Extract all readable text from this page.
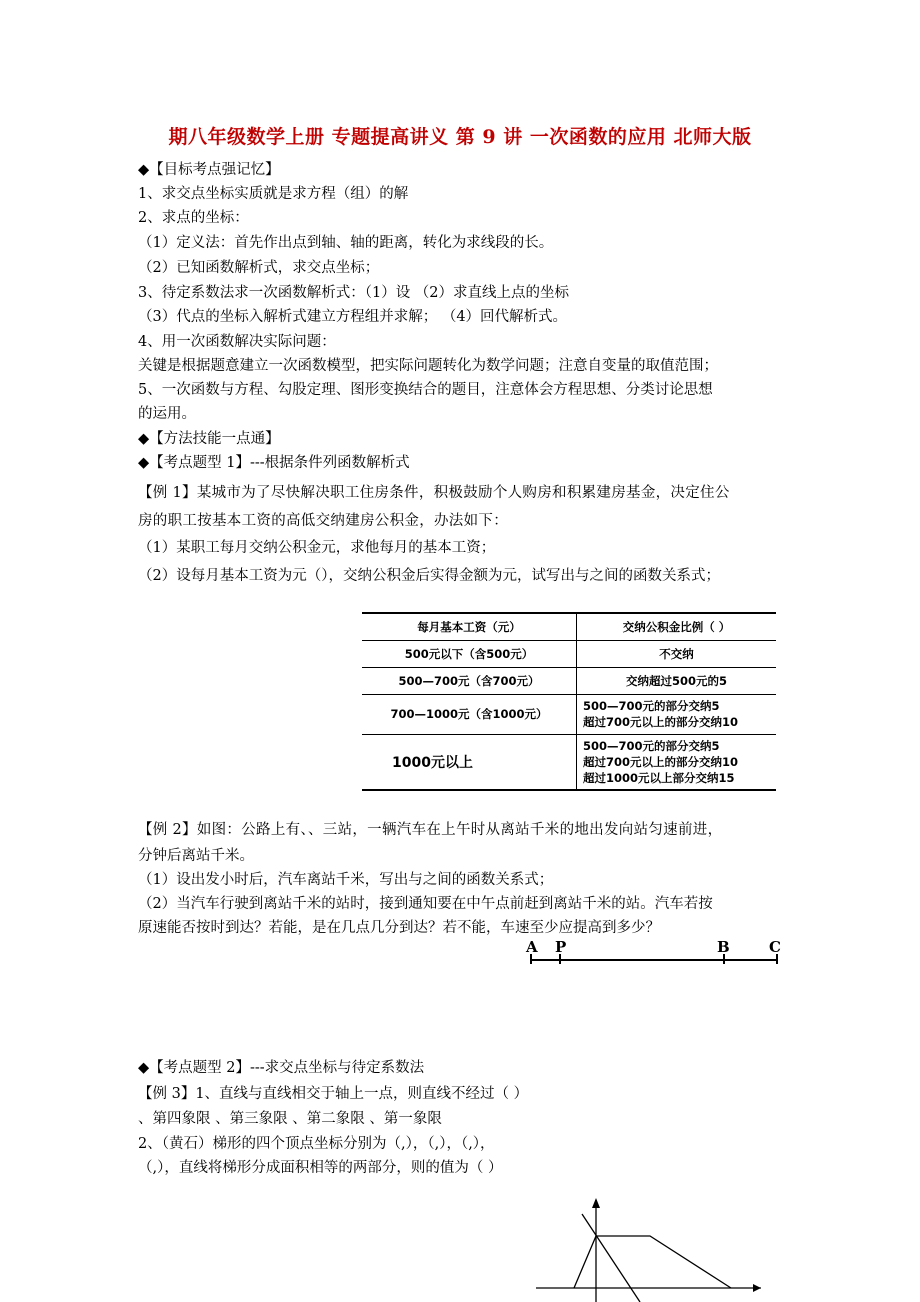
期八年级数学上册 专题提高讲义 第 9 讲 一次函数的应用 北师大版
◆【目标考点强记忆】
1、求交点坐标实质就是求方程（组）的解
2、求点的坐标：
（1）定义法：首先作出点到轴、轴的距离，转化为求线段的长。
（2）已知函数解析式，求交点坐标；
3、待定系数法求一次函数解析式：（1）设 （2）求直线上点的坐标
（3）代点的坐标入解析式建立方程组并求解； （4）回代解析式。
4、用一次函数解决实际问题：
关键是根据题意建立一次函数模型，把实际问题转化为数学问题；注意自变量的取值范围；
5、一次函数与方程、勾股定理、图形变换结合的题目，注意体会方程思想、分类讨论思想
的运用。
◆【方法技能一点通】
◆【考点题型 1】---根据条件列函数解析式
【例 1】某城市为了尽快解决职工住房条件，积极鼓励个人购房和积累建房基金，决定住公
房的职工按基本工资的高低交纳建房公积金，办法如下：
（1）某职工每月交纳公积金元，求他每月的基本工资；
（2）设每月基本工资为元（），交纳公积金后实得金额为元，试写出与之间的函数关系式；
每月基本工资（元）	交纳公积金比例（ ）
500元以下（含500元）	不交纳
500—700元（含700元）	交纳超过500元的5
700—1000元（含1000元）	500—700元的部分交纳5
超过700元以上的部分交纳10

1000元以上	500—700元的部分交纳5
超过700元以上的部分交纳10
超过1000元以上部分交纳15
【例 2】如图：公路上有、、三站，一辆汽车在上午时从离站千米的地出发向站匀速前进，
分钟后离站千米。
（1）设出发小时后，汽车离站千米，写出与之间的函数关系式；
（2）当汽车行驶到离站千米的站时，接到通知要在中午点前赶到离站千米的站。汽车若按
原速能否按时到达？若能，是在几点几分到达？若不能，车速至少应提高到多少？
A P	B	C
◆【考点题型 2】---求交点坐标与待定系数法
【例 3】1、直线与直线相交于轴上一点，则直线不经过（ ）
、第四象限 、第三象限 、第二象限 、第一象限
2、（黄石）梯形的四个顶点坐标分别为（,），（,），（,），
（,），直线将梯形分成面积相等的两部分，则的值为（ ）
